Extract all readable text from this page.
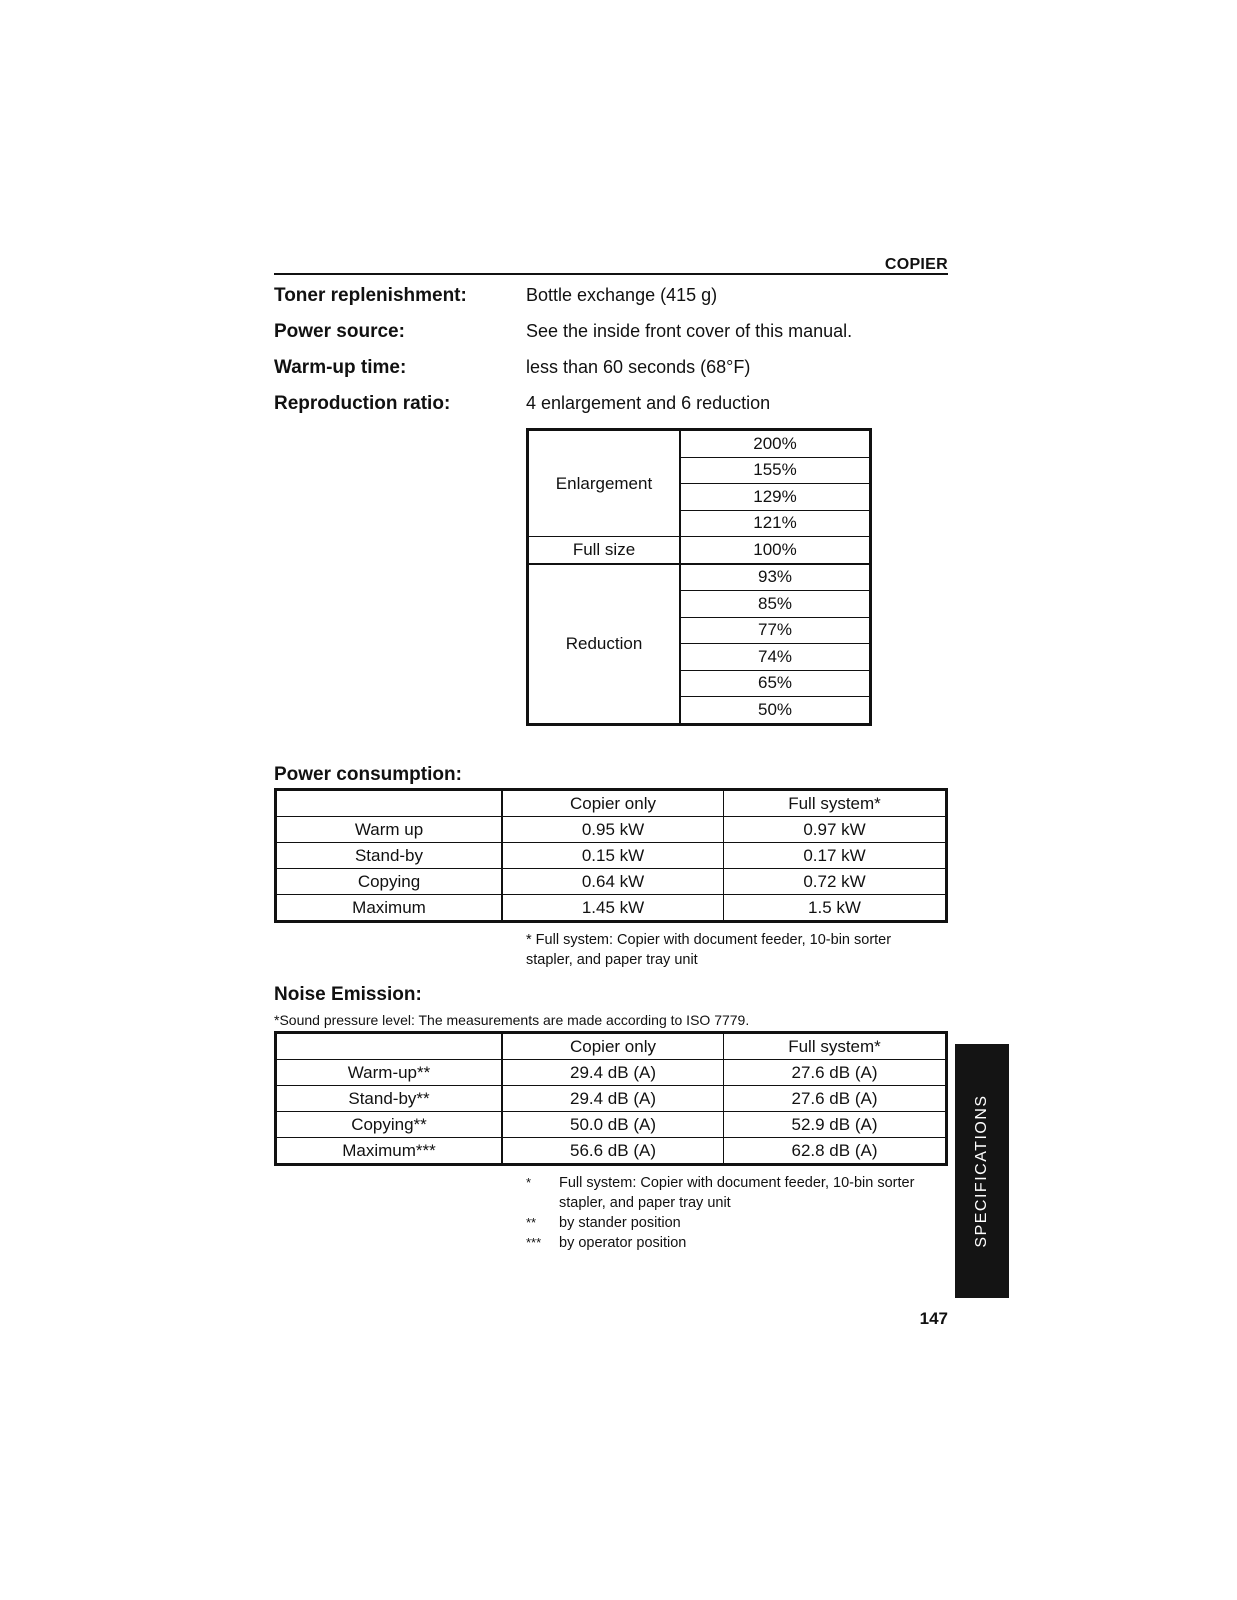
COPIER
Toner replenishment:	Bottle exchange (415 g)
Power source:	See the inside front cover of this manual.
Warm-up time:	less than 60 seconds (68°F)
Reproduction ratio:	4 enlargement and 6 reduction
Enlargement	200%
	155%
	129%
	121%
Full size	100%
Reduction	93%
	85%
	77%
	74%
	65%
	50%
Power consumption:
	Copier only	Full system*
Warm up	0.95 kW	0.97 kW
Stand-by	0.15 kW	0.17 kW
Copying	0.64 kW	0.72 kW
Maximum	1.45 kW	1.5 kW
* Full system: Copier with document feeder, 10-bin sorter
stapler, and paper tray unit
Noise Emission:
*Sound pressure level: The measurements are made according to ISO 7779.
	Copier only	Full system*
Warm-up**	29.4 dB (A)	27.6 dB (A)
Stand-by**	29.4 dB (A)	27.6 dB (A)
Copying**	50.0 dB (A)	52.9 dB (A)
Maximum***	56.6 dB (A)	62.8 dB (A)
* Full system: Copier with document feeder, 10-bin sorter
stapler, and paper tray unit
** by stander position
*** by operator position	SPECIFICATIONS
147
